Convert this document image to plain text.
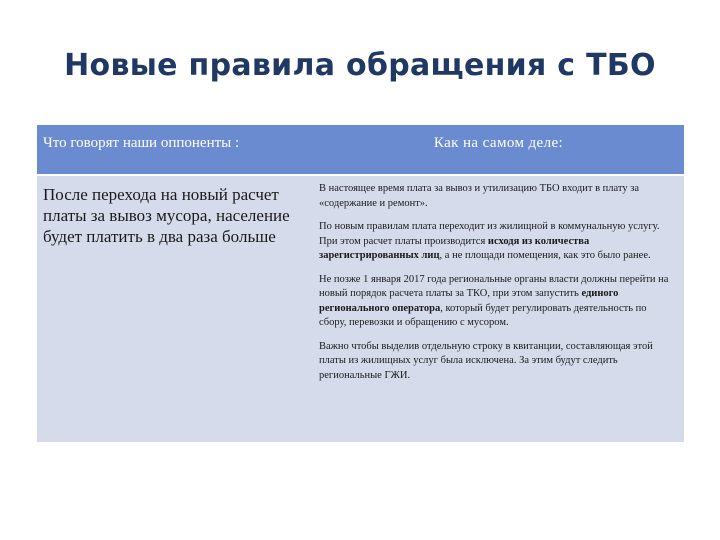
Новые правила обращения с ТБО
Что говорят наши оппоненты :	Как на самом деле:
После перехода на новый расчет платы за вывоз мусора, население будет платить в два раза больше

В настоящее время плата за вывоз и утилизацию ТБО входит в плату за «содержание и ремонт».

По новым правилам плата переходит из жилищной в коммунальную услугу. При этом расчет платы производится исходя из количества зарегистрированных лиц, а не площади помещения, как это было ранее.

Не позже 1 января 2017 года региональные органы власти должны перейти на новый порядок расчета платы за ТКО, при этом запустить единого регионального оператора, который будет регулировать деятельность по сбору, перевозки и обращению с мусором.

Важно чтобы выделив отдельную строку в квитанции, составляющая этой платы из жилищных услуг была исключена. За этим будут следить региональные ГЖИ.
